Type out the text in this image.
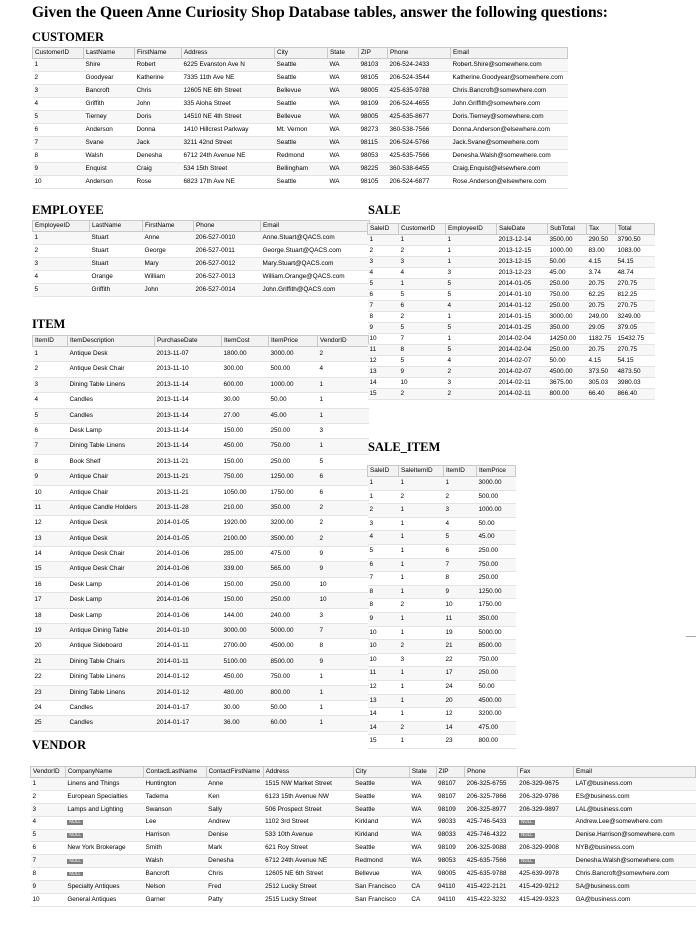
Given the Queen Anne Curiosity Shop Database tables, answer the following questions:
CUSTOMER
CustomerID	LastName	FirstName	Address	City	State	ZIP	Phone	Email
1	Shire	Robert	6225 Evanston Ave N	Seattle	WA	98103	206-524-2433	Robert.Shire@somewhere.com
2	Goodyear	Katherine	7335 11th Ave NE	Seattle	WA	98105	206-524-3544	Katherine.Goodyear@somewhere.com
3	Bancroft	Chris	12605 NE 6th Street	Bellevue	WA	98005	425-635-9788	Chris.Bancroft@somewhere.com
4	Griffith	John	335 Aloha Street	Seattle	WA	98109	206-524-4655	John.Griffith@somewhere.com
5	Tierney	Doris	14510 NE 4th Street	Bellevue	WA	98005	425-635-8677	Doris.Tierney@somewhere.com
6	Anderson	Donna	1410 Hillcrest Parkway	Mt. Vernon	WA	98273	360-538-7566	Donna.Anderson@elsewhere.com
7	Svane	Jack	3211 42nd Street	Seattle	WA	98115	206-524-5766	Jack.Svane@somewhere.com
8	Walsh	Denesha	6712 24th Avenue NE	Redmond	WA	98053	425-635-7566	Denesha.Walsh@somewhere.com
9	Enquist	Craig	534 15th Street	Bellingham	WA	98225	360-538-6455	Craig.Enquist@elsewhere.com
10	Anderson	Rose	6823 17th Ave NE	Seattle	WA	98105	206-524-6877	Rose.Anderson@elsewhere.com
EMPLOYEE
EmployeeID	LastName	FirstName	Phone	Email
1	Stuart	Anne	206-527-0010	Anne.Stuart@QACS.com
2	Stuart	George	206-527-0011	George.Stuart@QACS.com
3	Stuart	Mary	206-527-0012	Mary.Stuart@QACS.com
4	Orange	William	206-527-0013	William.Orange@QACS.com
5	Griffith	John	206-527-0014	John.Griffith@QACS.com
ITEM
ItemID	ItemDescription	PurchaseDate	ItemCost	ItemPrice	VendorID
1	Antique Desk	2013-11-07	1800.00	3000.00	2
2	Antique Desk Chair	2013-11-10	300.00	500.00	4
3	Dining Table Linens	2013-11-14	600.00	1000.00	1
4	Candles	2013-11-14	30.00	50.00	1
5	Candles	2013-11-14	27.00	45.00	1
6	Desk Lamp	2013-11-14	150.00	250.00	3
7	Dining Table Linens	2013-11-14	450.00	750.00	1
8	Book Shelf	2013-11-21	150.00	250.00	5
9	Antique Chair	2013-11-21	750.00	1250.00	6
10	Antique Chair	2013-11-21	1050.00	1750.00	6
11	Antique Candle Holders	2013-11-28	210.00	350.00	2
12	Antique Desk	2014-01-05	1920.00	3200.00	2
13	Antique Desk	2014-01-05	2100.00	3500.00	2
14	Antique Desk Chair	2014-01-06	285.00	475.00	9
15	Antique Desk Chair	2014-01-06	339.00	565.00	9
16	Desk Lamp	2014-01-06	150.00	250.00	10
17	Desk Lamp	2014-01-06	150.00	250.00	10
18	Desk Lamp	2014-01-06	144.00	240.00	3
19	Antique Dining Table	2014-01-10	3000.00	5000.00	7
20	Antique Sideboard	2014-01-11	2700.00	4500.00	8
21	Dining Table Chairs	2014-01-11	5100.00	8500.00	9
22	Dining Table Linens	2014-01-12	450.00	750.00	1
23	Dining Table Linens	2014-01-12	480.00	800.00	1
24	Candles	2014-01-17	30.00	50.00	1
25	Candles	2014-01-17	36.00	60.00	1
SALE
SaleID	CustomerID	EmployeeID	SaleDate	SubTotal	Tax	Total
1	1	1	2013-12-14	3500.00	290.50	3790.50
2	2	1	2013-12-15	1000.00	83.00	1083.00
3	3	1	2013-12-15	50.00	4.15	54.15
4	4	3	2013-12-23	45.00	3.74	48.74
5	1	5	2014-01-05	250.00	20.75	270.75
6	5	5	2014-01-10	750.00	62.25	812.25
7	6	4	2014-01-12	250.00	20.75	270.75
8	2	1	2014-01-15	3000.00	249.00	3249.00
9	5	5	2014-01-25	350.00	29.05	379.05
10	7	1	2014-02-04	14250.00	1182.75	15432.75
11	8	5	2014-02-04	250.00	20.75	270.75
12	5	4	2014-02-07	50.00	4.15	54.15
13	9	2	2014-02-07	4500.00	373.50	4873.50
14	10	3	2014-02-11	3675.00	305.03	3980.03
15	2	2	2014-02-11	800.00	66.40	866.40
SALE_ITEM
SaleID	SaleItemID	ItemID	ItemPrice
1	1	1	3000.00
1	2	2	500.00
2	1	3	1000.00
3	1	4	50.00
4	1	5	45.00
5	1	6	250.00
6	1	7	750.00
7	1	8	250.00
8	1	9	1250.00
8	2	10	1750.00
9	1	11	350.00
10	1	19	5000.00
10	2	21	8500.00
10	3	22	750.00
11	1	17	250.00
12	1	24	50.00
13	1	20	4500.00
14	1	12	3200.00
14	2	14	475.00
15	1	23	800.00
VENDOR
VendorID	CompanyName	ContactLastName	ContactFirstName	Address	City	State	ZIP	Phone	Fax	Email
1	Linens and Things	Huntington	Anne	1515 NW Market Street	Seattle	WA	98107	206-325-6755	206-329-9675	LAT@business.com
2	European Specialties	Tadema	Ken	6123 15th Avenue NW	Seattle	WA	98107	206-325-7866	206-329-9786	ES@business.com
3	Lamps and Lighting	Swanson	Sally	506 Prospect Street	Seattle	WA	98109	206-325-8977	206-329-9897	LAL@business.com
4	NULL	Lee	Andrew	1102 3rd Street	Kirkland	WA	98033	425-746-5433	NULL	Andrew.Lee@somewhere.com
5	NULL	Harrison	Denise	533 10th Avenue	Kirkland	WA	98033	425-746-4322	NULL	Denise.Harrison@somewhere.com
6	New York Brokerage	Smith	Mark	621 Roy Street	Seattle	WA	98109	206-325-9088	206-329-9908	NYB@business.com
7	NULL	Walsh	Denesha	6712 24th Avenue NE	Redmond	WA	98053	425-635-7566	NULL	Denesha.Walsh@somewhere.com
8	NULL	Bancroft	Chris	12605 NE 6th Street	Bellevue	WA	98005	425-635-9788	425-639-9978	Chris.Bancroft@somewhere.com
9	Specialty Antiques	Nelson	Fred	2512 Lucky Street	San Francisco	CA	94110	415-422-2121	415-429-9212	SA@business.com
10	General Antiques	Garner	Patty	2515 Lucky Street	San Francisco	CA	94110	415-422-3232	415-429-9323	GA@business.com
